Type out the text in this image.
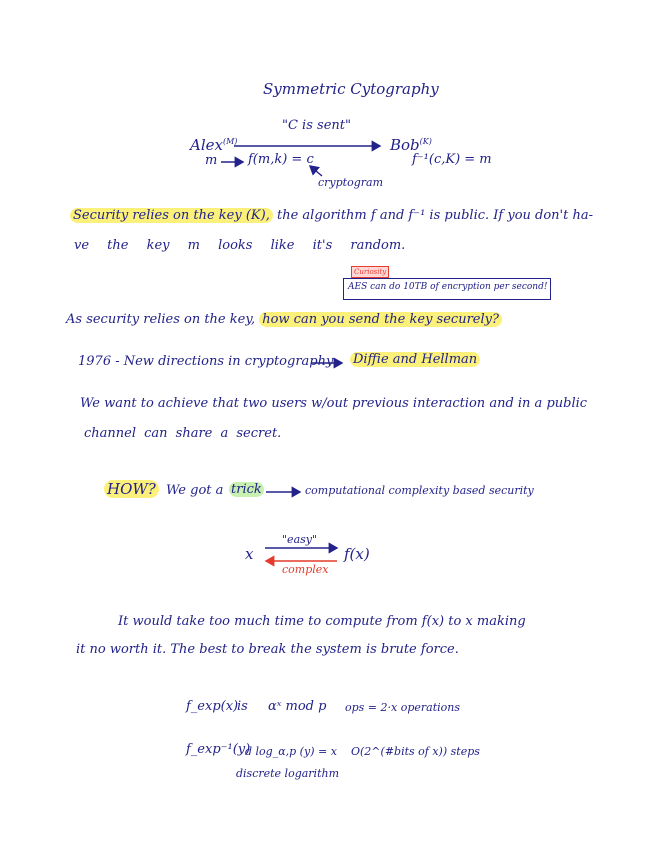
Symmetric Cytography
"C is sent"
Alex$^{(M)}$	Bob$^{(K)}$
m f(m,k) = c	f⁻¹(c,K) = m
cryptogram
Security relies on the key (K), the algorithm f and f⁻¹ is public. If you don't ha-
ve the key m looks like it's random.
Curiosity
AES can do 10TB of encryption per second!
As security relies on the key, how can you send the key securely?
1976 - New directions in cryptography Diffie and Hellman
We want to achieve that two users w/out previous interaction and in a public
channel can share a secret.
HOW? We got a trick	computational complexity based security
"easy"
x	f(x)
complex
It would take too much time to compute from f(x) to x making
it no worth it. The best to break the system is brute force.
f_exp(x)
is αˣ mod p ops = 2·x operations
f_exp⁻¹(y)
d log_α,p (y) = x O(2^(#bits of x)) steps
discrete logarithm
